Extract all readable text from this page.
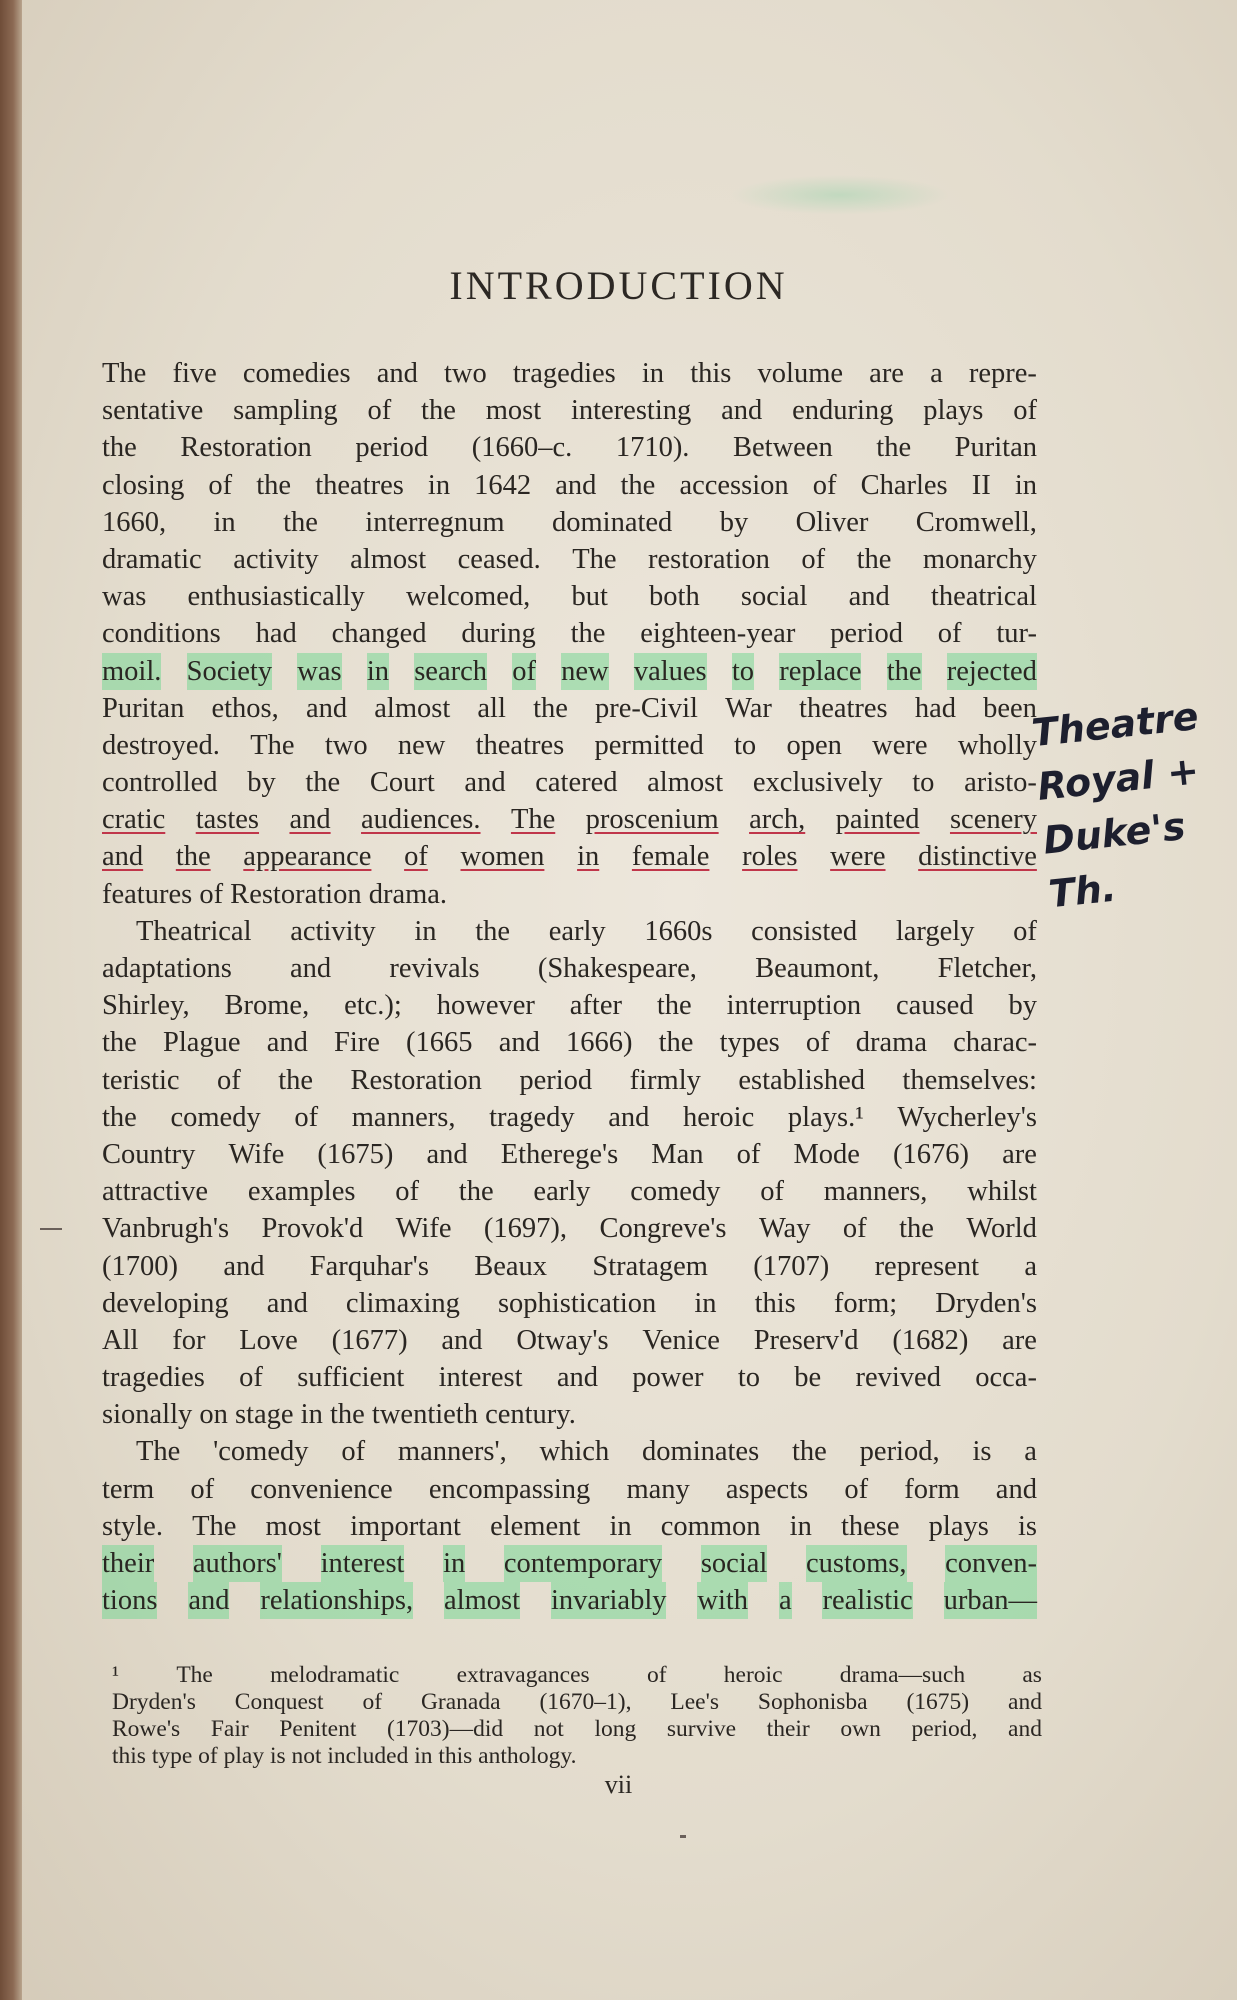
INTRODUCTION
The five comedies and two tragedies in this volume are a repre-
sentative sampling of the most interesting and enduring plays of
the Restoration period (1660–c. 1710). Between the Puritan
closing of the theatres in 1642 and the accession of Charles II in
1660, in the interregnum dominated by Oliver Cromwell,
dramatic activity almost ceased. The restoration of the monarchy
was enthusiastically welcomed, but both social and theatrical
conditions had changed during the eighteen-year period of tur-
moil. Society was in search of new values to replace the rejected
Puritan ethos, and almost all the pre-Civil War theatres had been
destroyed. The two new theatres permitted to open were wholly
controlled by the Court and catered almost exclusively to aristo-
cratic tastes and audiences. The proscenium arch, painted scenery
and the appearance of women in female roles were distinctive
features of Restoration drama.
Theatrical activity in the early 1660s consisted largely of
adaptations and revivals (Shakespeare, Beaumont, Fletcher,
Shirley, Brome, etc.); however after the interruption caused by
the Plague and Fire (1665 and 1666) the types of drama charac-
teristic of the Restoration period firmly established themselves:
the comedy of manners, tragedy and heroic plays.¹ Wycherley's
Country Wife (1675) and Etherege's Man of Mode (1676) are
attractive examples of the early comedy of manners, whilst
Vanbrugh's Provok'd Wife (1697), Congreve's Way of the World
(1700) and Farquhar's Beaux Stratagem (1707) represent a
developing and climaxing sophistication in this form; Dryden's
All for Love (1677) and Otway's Venice Preserv'd (1682) are
tragedies of sufficient interest and power to be revived occa-
sionally on stage in the twentieth century.
The 'comedy of manners', which dominates the period, is a
term of convenience encompassing many aspects of form and
style. The most important element in common in these plays is
their authors' interest in contemporary social customs, conven-
tions and relationships, almost invariably with a realistic urban—
Theatre
Royal +
Duke's Th.
¹ The melodramatic extravagances of heroic drama—such as
Dryden's Conquest of Granada (1670–1), Lee's Sophonisba (1675) and
Rowe's Fair Penitent (1703)—did not long survive their own period, and
this type of play is not included in this anthology.
vii
